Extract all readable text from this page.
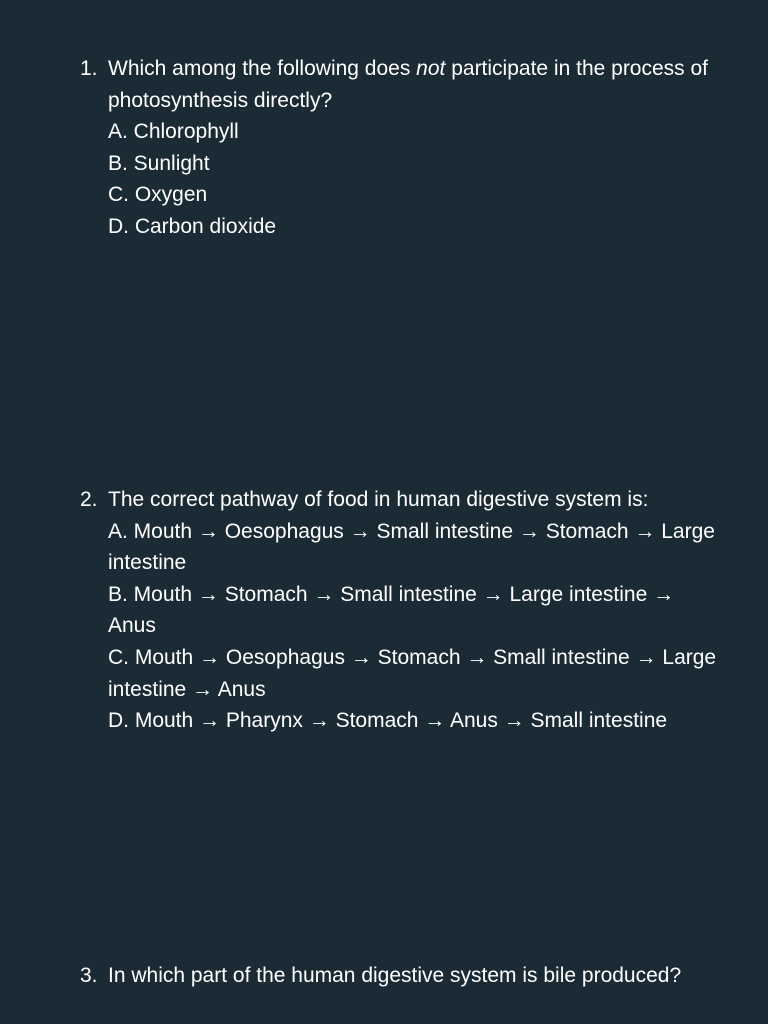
1. Which among the following does not participate in the process of photosynthesis directly?
A. Chlorophyll
B. Sunlight
C. Oxygen
D. Carbon dioxide
2. The correct pathway of food in human digestive system is:
A. Mouth → Oesophagus → Small intestine → Stomach → Large intestine
B. Mouth → Stomach → Small intestine → Large intestine → Anus
C. Mouth → Oesophagus → Stomach → Small intestine → Large intestine → Anus
D. Mouth → Pharynx → Stomach → Anus → Small intestine
3. In which part of the human digestive system is bile produced?
